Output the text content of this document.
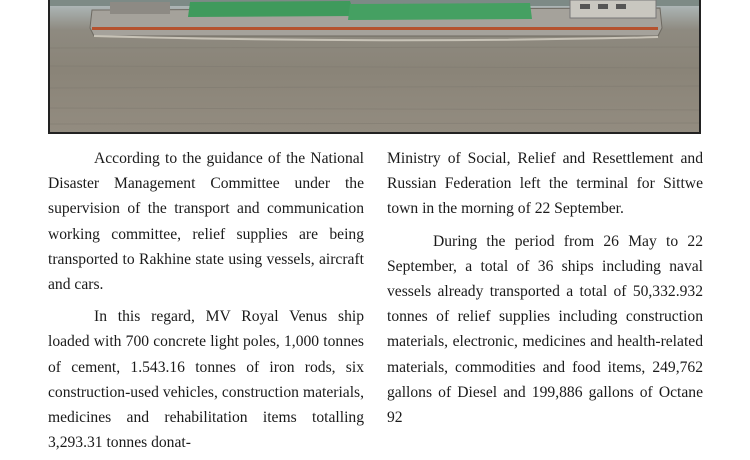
According to the guidance of the National Disaster Management Committee under the supervision of the transport and communication working committee, relief supplies are being transported to Rakhine state using vessels, aircraft and cars.

In this regard, MV Royal Venus ship loaded with 700 concrete light poles, 1,000 tonnes of cement, 1.543.16 tonnes of iron rods, six construction-used vehicles, construction materials, medicines and rehabilitation items totalling 3,293.31 tonnes donat-

Ministry of Social, Relief and Resettlement and Russian Federation left the terminal for Sittwe town in the morning of 22 September.

During the period from 26 May to 22 September, a total of 36 ships including naval vessels already transported a total of 50,332.932 tonnes of relief supplies including construction materials, electronic, medicines and health-related materials, commodities and food items, 249,762 gallons of Diesel and 199,886 gallons of Octane 92
